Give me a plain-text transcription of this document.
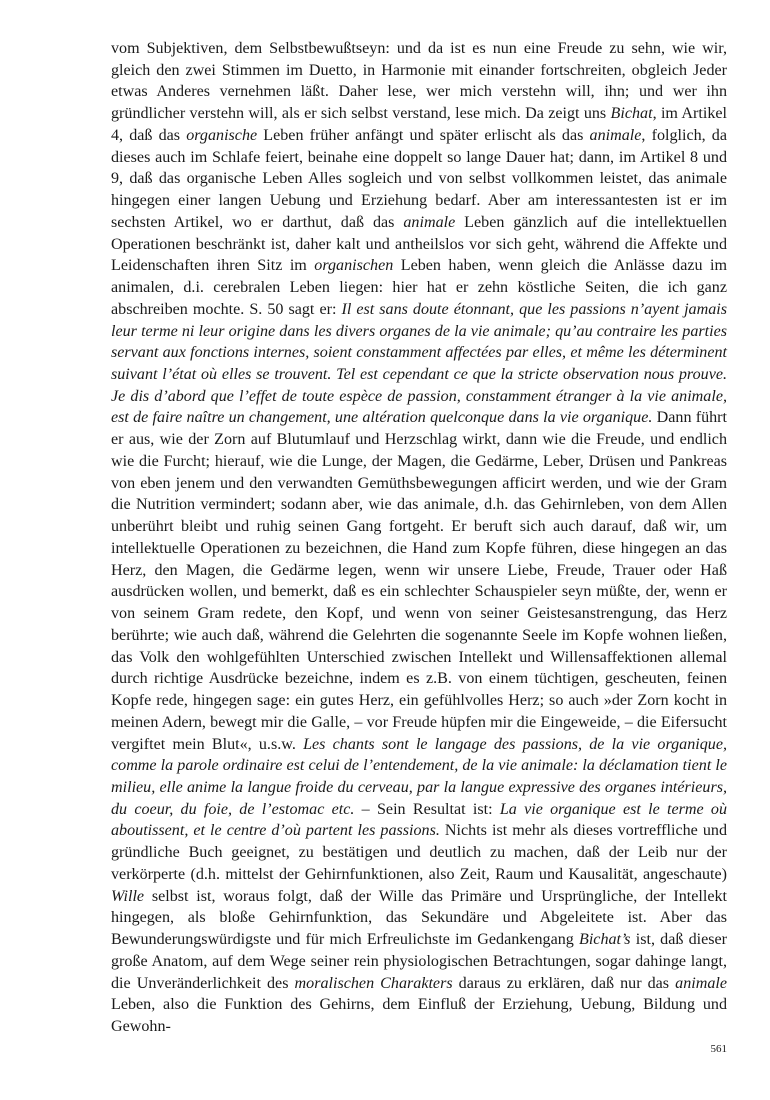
vom Subjektiven, dem Selbstbewußtseyn: und da ist es nun eine Freude zu sehn, wie wir, gleich den zwei Stimmen im Duetto, in Harmonie mit einander fortschreiten, obgleich Jeder etwas Anderes vernehmen läßt. Daher lese, wer mich verstehn will, ihn; und wer ihn gründlicher verstehn will, als er sich selbst verstand, lese mich. Da zeigt uns Bichat, im Artikel 4, daß das organische Leben früher anfängt und später erlischt als das animale, folglich, da dieses auch im Schlafe feiert, beinahe eine doppelt so lange Dauer hat; dann, im Artikel 8 und 9, daß das organische Leben Alles sogleich und von selbst vollkommen leistet, das animale hingegen einer langen Uebung und Erziehung bedarf. Aber am interessantesten ist er im sechsten Artikel, wo er darthut, daß das animale Leben gänzlich auf die intellektuellen Operationen beschränkt ist, daher kalt und antheilslos vor sich geht, während die Affekte und Leidenschaften ihren Sitz im organischen Leben haben, wenn gleich die Anlässe dazu im animalen, d.i. cerebralen Leben liegen: hier hat er zehn köstliche Seiten, die ich ganz abschreiben mochte. S. 50 sagt er: Il est sans doute étonnant, que les passions n’ayent jamais leur terme ni leur origine dans les divers organes de la vie animale; qu’au contraire les parties servant aux fonctions internes, soient constamment affectées par elles, et même les déterminent suivant l’état où elles se trouvent. Tel est cependant ce que la stricte observation nous prouve. Je dis d’abord que l’effet de toute espèce de passion, constamment étranger à la vie animale, est de faire naître un changement, une altération quelconque dans la vie organique. Dann führt er aus, wie der Zorn auf Blutumlauf und Herzschlag wirkt, dann wie die Freude, und endlich wie die Furcht; hierauf, wie die Lunge, der Magen, die Gedärme, Leber, Drüsen und Pankreas von eben jenem und den verwandten Gemüthsbewegungen afficirt werden, und wie der Gram die Nutrition vermindert; sodann aber, wie das animale, d.h. das Gehirnleben, von dem Allen unberührt bleibt und ruhig seinen Gang fortgeht. Er beruft sich auch darauf, daß wir, um intellektuelle Operationen zu bezeichnen, die Hand zum Kopfe führen, diese hingegen an das Herz, den Magen, die Gedärme legen, wenn wir unsere Liebe, Freude, Trauer oder Haß ausdrücken wollen, und bemerkt, daß es ein schlechter Schauspieler seyn müßte, der, wenn er von seinem Gram redete, den Kopf, und wenn von seiner Geistesanstrengung, das Herz berührte; wie auch daß, während die Gelehrten die sogenannte Seele im Kopfe wohnen ließen, das Volk den wohlgefühlten Unterschied zwischen Intellekt und Willensaffektionen allemal durch richtige Ausdrücke bezeichne, indem es z.B. von einem tüchtigen, gescheuten, feinen Kopfe rede, hingegen sage: ein gutes Herz, ein gefühlvolles Herz; so auch »der Zorn kocht in meinen Adern, bewegt mir die Galle, – vor Freude hüpfen mir die Eingeweide, – die Eifersucht vergiftet mein Blut«, u.s.w. Les chants sont le langage des passions, de la vie organique, comme la parole ordinaire est celui de l’entendement, de la vie animale: la déclamation tient le milieu, elle anime la langue froide du cerveau, par la langue expressive des organes intérieurs, du coeur, du foie, de l’estomac etc. – Sein Resultat ist: La vie organique est le terme où aboutissent, et le centre d’où partent les passions. Nichts ist mehr als dieses vortreffliche und gründliche Buch geeignet, zu bestätigen und deutlich zu machen, daß der Leib nur der verkörperte (d.h. mittelst der Gehirnfunktionen, also Zeit, Raum und Kausalität, angeschaute) Wille selbst ist, woraus folgt, daß der Wille das Primäre und Ursprüngliche, der Intellekt hingegen, als bloße Gehirnfunktion, das Sekundäre und Abgeleitete ist. Aber das Bewunderungswürdigste und für mich Erfreulichste im Gedankengang Bichat’s ist, daß dieser große Anatom, auf dem Wege seiner rein physiologischen Betrachtungen, sogar dahinge langt, die Unveränderlichkeit des moralischen Charakters daraus zu erklären, daß nur das animale Leben, also die Funktion des Gehirns, dem Einfluß der Erziehung, Uebung, Bildung und Gewohn-

561
